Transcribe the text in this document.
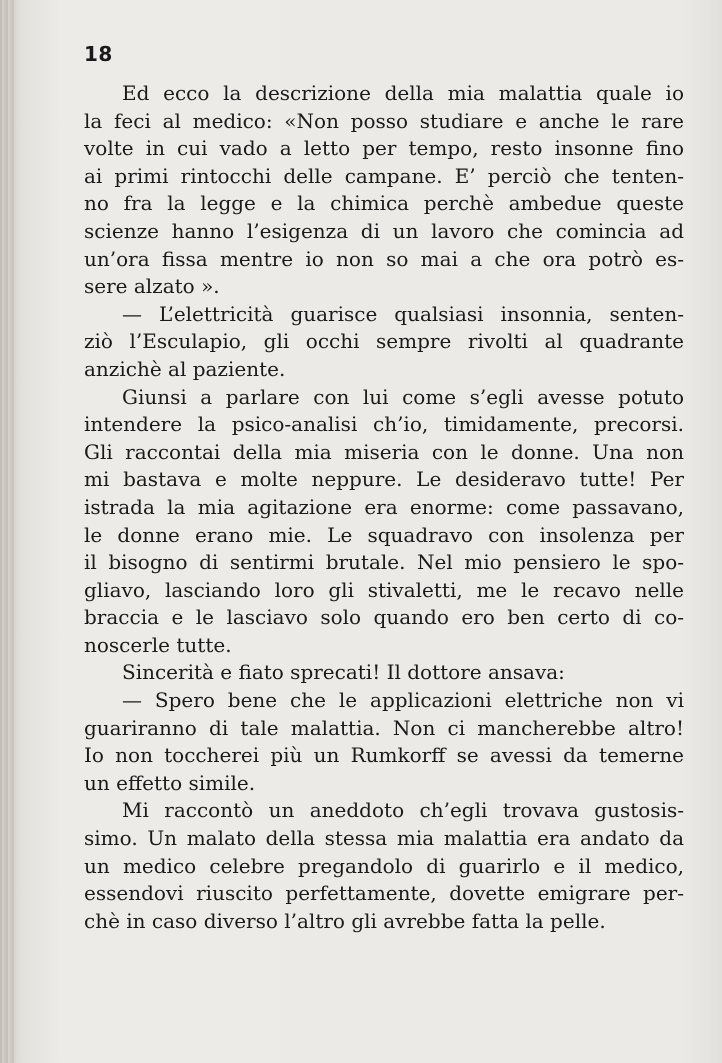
18
Ed ecco la descrizione della mia malattia quale io
la feci al medico: «Non posso studiare e anche le rare
volte in cui vado a letto per tempo, resto insonne fino
ai primi rintocchi delle campane. E’ perciò che tenten-
no fra la legge e la chimica perchè ambedue queste
scienze hanno l’esigenza di un lavoro che comincia ad
un’ora fissa mentre io non so mai a che ora potrò es-
sere alzato ».
— L’elettricità guarisce qualsiasi insonnia, senten-
ziò l’Esculapio, gli occhi sempre rivolti al quadrante
anzichè al paziente.
Giunsi a parlare con lui come s’egli avesse potuto
intendere la psico-analisi ch’io, timidamente, precorsi.
Gli raccontai della mia miseria con le donne. Una non
mi bastava e molte neppure. Le desideravo tutte! Per
istrada la mia agitazione era enorme: come passavano,
le donne erano mie. Le squadravo con insolenza per
il bisogno di sentirmi brutale. Nel mio pensiero le spo-
gliavo, lasciando loro gli stivaletti, me le recavo nelle
braccia e le lasciavo solo quando ero ben certo di co-
noscerle tutte.
Sincerità e fiato sprecati! Il dottore ansava:
— Spero bene che le applicazioni elettriche non vi
guariranno di tale malattia. Non ci mancherebbe altro!
Io non toccherei più un Rumkorff se avessi da temerne
un effetto simile.
Mi raccontò un aneddoto ch’egli trovava gustosis-
simo. Un malato della stessa mia malattia era andato da
un medico celebre pregandolo di guarirlo e il medico,
essendovi riuscito perfettamente, dovette emigrare per-
chè in caso diverso l’altro gli avrebbe fatta la pelle.
